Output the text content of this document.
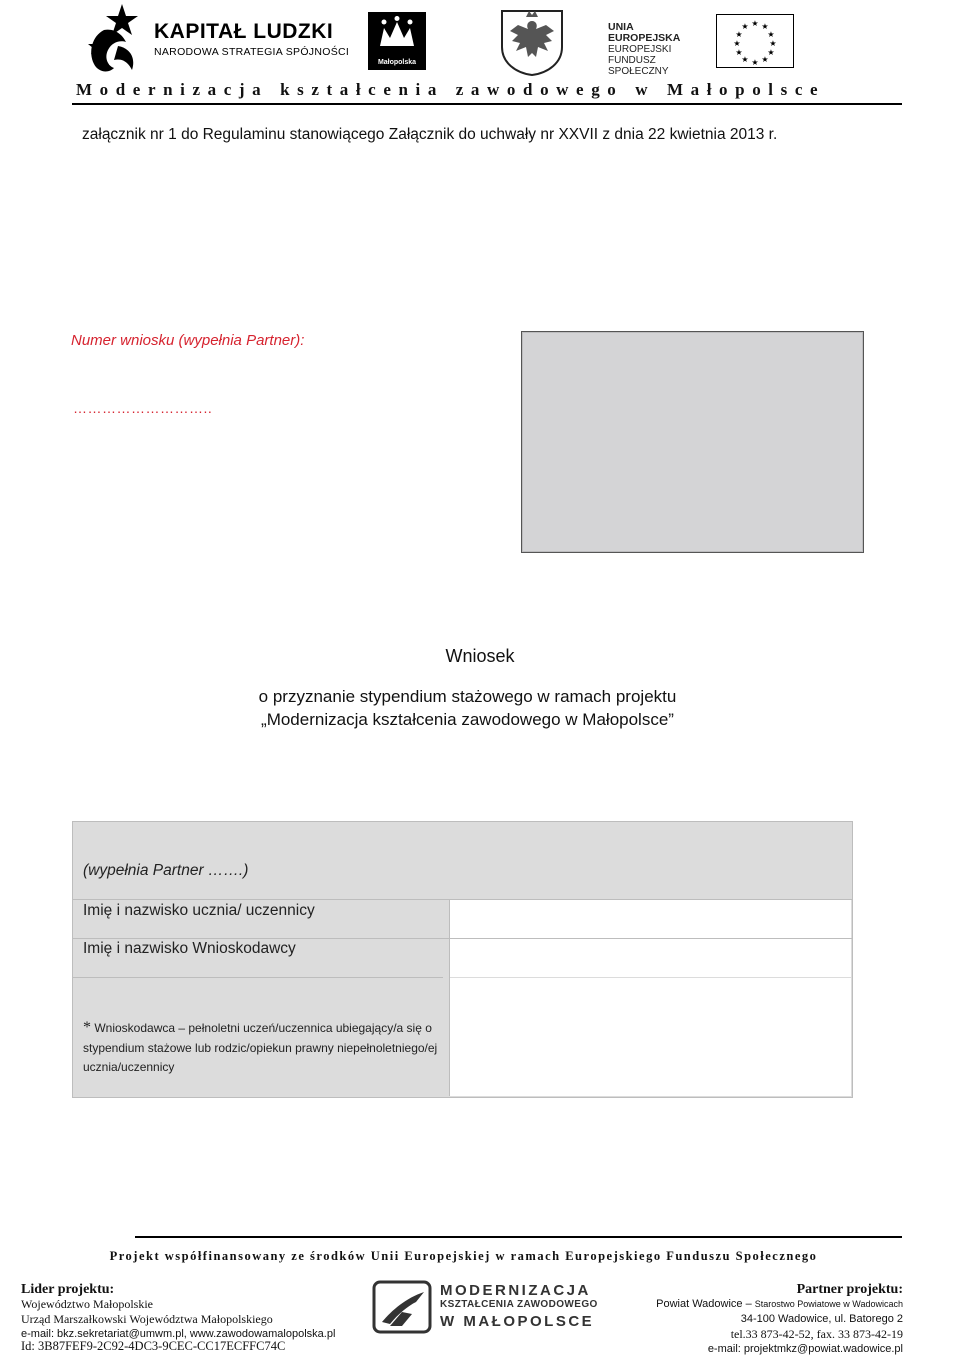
KAPITAŁ LUDZKI
NARODOWA STRATEGIA SPÓJNOŚCI
Małopolska
UNIA EUROPEJSKA
EUROPEJSKI
FUNDUSZ SPOŁECZNY
★ ★
★
★
★
★
★
★
★
★
★
★
Modernizacja kształcenia zawodowego w Małopolsce
załącznik nr 1 do Regulaminu stanowiącego Załącznik do uchwały nr XXVII z dnia 22 kwietnia 2013 r.
Numer wniosku (wypełnia Partner):
………………………..
Wniosek
o przyznanie stypendium stażowego w ramach projektu
„Modernizacja kształcenia zawodowego w Małopolsce”
(wypełnia Partner …….)
Imię i nazwisko ucznia/ uczennicy
Imię i nazwisko Wnioskodawcy
* Wnioskodawca – pełnoletni uczeń/uczennica ubiegający/a się o stypendium stażowe lub rodzic/opiekun prawny niepełnoletniego/ej ucznia/uczennicy
Projekt współfinansowany ze środków Unii Europejskiej w ramach Europejskiego Funduszu Społecznego
Lider projektu:
Województwo Małopolskie
Urząd Marszałkowski Województwa Małopolskiego
e-mail: bkz.sekretariat@umwm.pl, www.zawodowamalopolska.pl
Id: 3B87FEF9-2C92-4DC3-9CEC-CC17ECFFC74C
MODERNIZACJA
KSZTAŁCENIA ZAWODOWEGO
W MAŁOPOLSCE
Partner projektu:
Powiat Wadowice – Starostwo Powiatowe w Wadowicach
34-100 Wadowice, ul. Batorego 2
tel.33 873-42-52, fax. 33 873-42-19
e-mail: projektmkz@powiat.wadowice.pl
